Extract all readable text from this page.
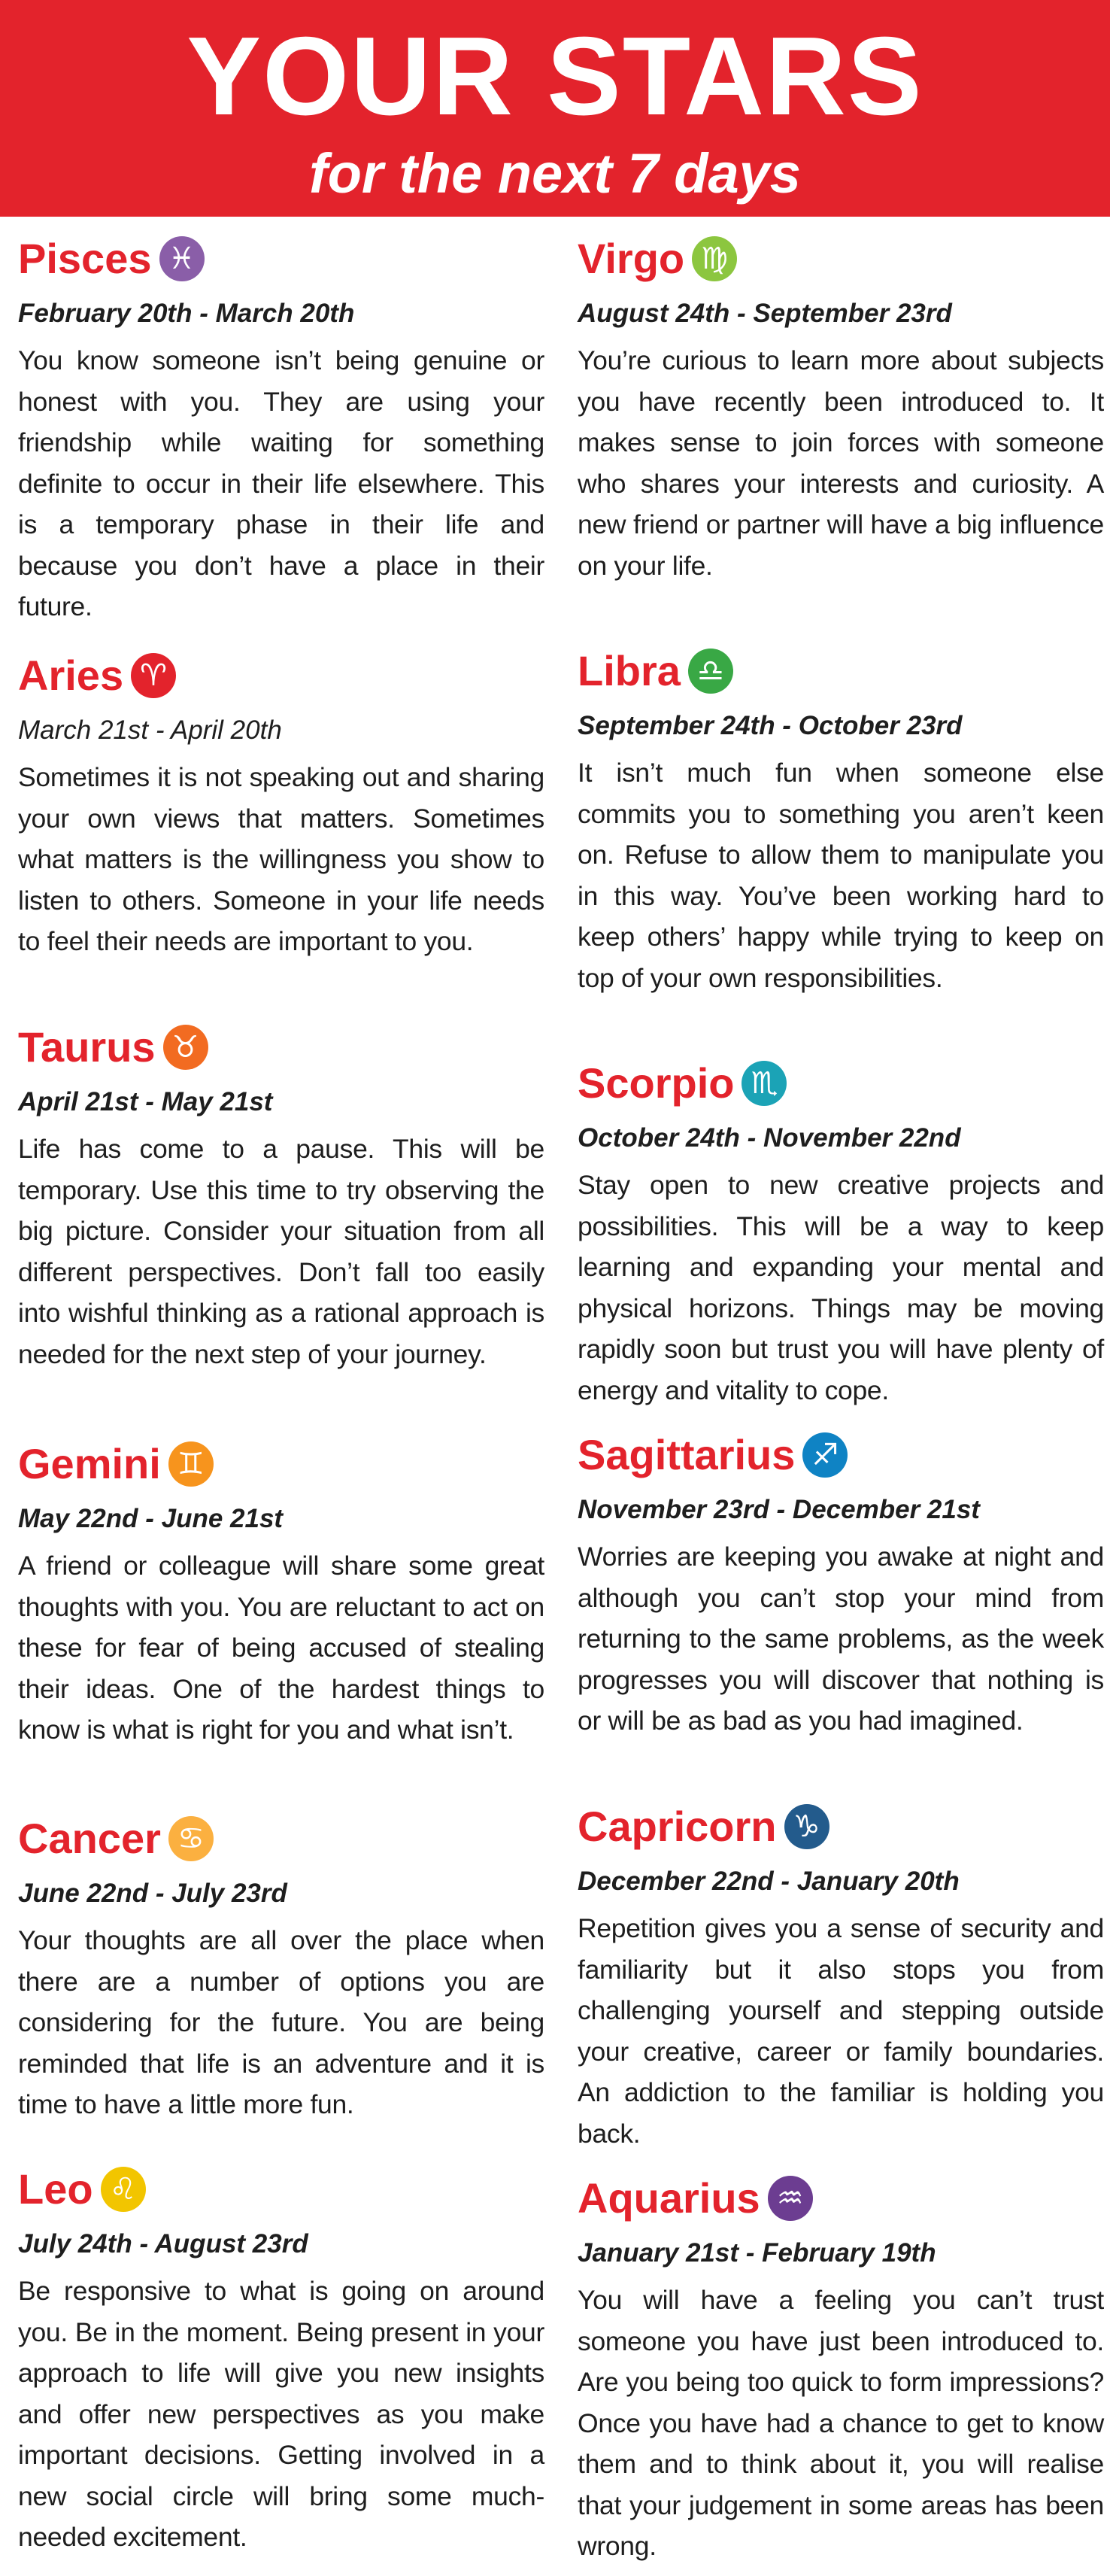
YOUR STARS
for the next 7 days
Pisces ♓
February 20th - March 20th
You know someone isn’t being genuine or honest with you. They are using your friendship while waiting for something definite to occur in their life elsewhere. This is a temporary phase in their life and because you don’t have a place in their future.
Aries ♈
March 21st - April 20th
Sometimes it is not speaking out and sharing your own views that matters. Sometimes what matters is the willingness you show to listen to others. Someone in your life needs to feel their needs are important to you.
Taurus ♉
April 21st - May 21st
Life has come to a pause. This will be temporary. Use this time to try observing the big picture. Consider your situation from all different perspectives. Don’t fall too easily into wishful thinking as a rational approach is needed for the next step of your journey.
Gemini ♊
May 22nd - June 21st
A friend or colleague will share some great thoughts with you. You are reluctant to act on these for fear of being accused of stealing their ideas. One of the hardest things to know is what is right for you and what isn’t.
Cancer ♋
June 22nd - July 23rd
Your thoughts are all over the place when there are a number of options you are considering for the future. You are being reminded that life is an adventure and it is time to have a little more fun.
Leo ♌
July 24th - August 23rd
Be responsive to what is going on around you. Be in the moment. Being present in your approach to life will give you new insights and offer new perspectives as you make important decisions. Getting involved in a new social circle will bring some much-needed excitement.
Virgo ♍
August 24th - September 23rd
You’re curious to learn more about subjects you have recently been introduced to. It makes sense to join forces with someone who shares your interests and curiosity. A new friend or partner will have a big influence on your life.
Libra ♎
September 24th - October 23rd
It isn’t much fun when someone else commits you to something you aren’t keen on. Refuse to allow them to manipulate you in this way. You’ve been working hard to keep others’ happy while trying to keep on top of your own responsibilities.
Scorpio ♏
October 24th - November 22nd
Stay open to new creative projects and possibilities. This will be a way to keep learning and expanding your mental and physical horizons. Things may be moving rapidly soon but trust you will have plenty of energy and vitality to cope.
Sagittarius ♐
November 23rd - December 21st
Worries are keeping you awake at night and although you can’t stop your mind from returning to the same problems, as the week progresses you will discover that nothing is or will be as bad as you had imagined.
Capricorn ♑
December 22nd - January 20th
Repetition gives you a sense of security and familiarity but it also stops you from challenging yourself and stepping outside your creative, career or family boundaries. An addiction to the familiar is holding you back.
Aquarius ♒
January 21st - February 19th
You will have a feeling you can’t trust someone you have just been introduced to. Are you being too quick to form impressions? Once you have had a chance to get to know them and to think about it, you will realise that your judgement in some areas has been wrong.
